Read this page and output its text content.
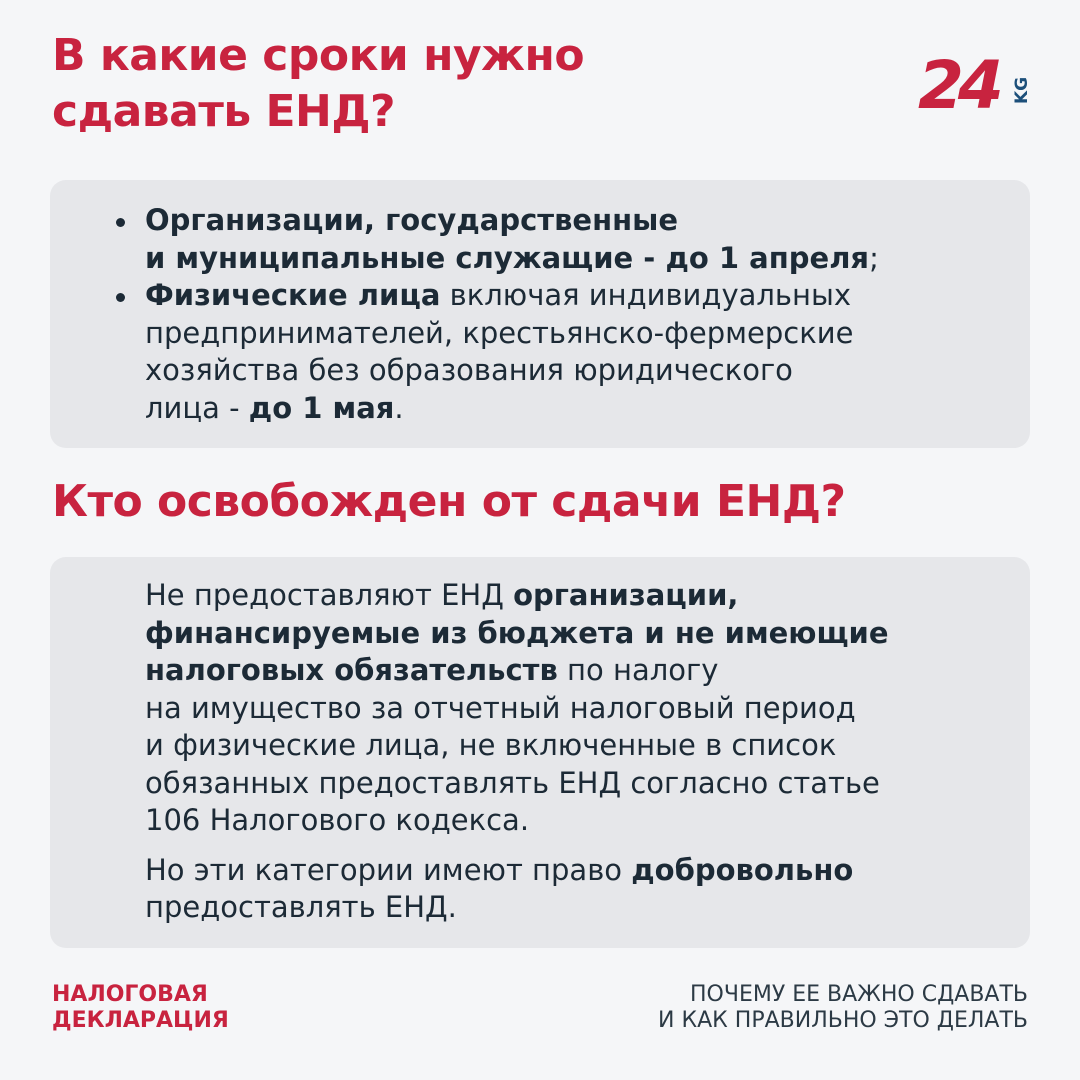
В какие сроки нужно
сдавать ЕНД?	24 KG
Организации, государственные
и муниципальные служащие - до 1 апреля;
Физические лица включая индивидуальных
предпринимателей, крестьянско-фермерские
хозяйства без образования юридического
лица - до 1 мая.
Кто освобожден от сдачи ЕНД?

Не предоставляют ЕНД организации,
финансируемые из бюджета и не имеющие
налоговых обязательств по налогу
на имущество за отчетный налоговый период
и физические лица, не включенные в список
обязанных предоставлять ЕНД согласно статье
106 Налогового кодекса.

Но эти категории имеют право добровольно
предоставлять ЕНД.

НАЛОГОВАЯ
ДЕКЛАРАЦИЯ
ПОЧЕМУ ЕЕ ВАЖНО СДАВАТЬ
И КАК ПРАВИЛЬНО ЭТО ДЕЛАТЬ
